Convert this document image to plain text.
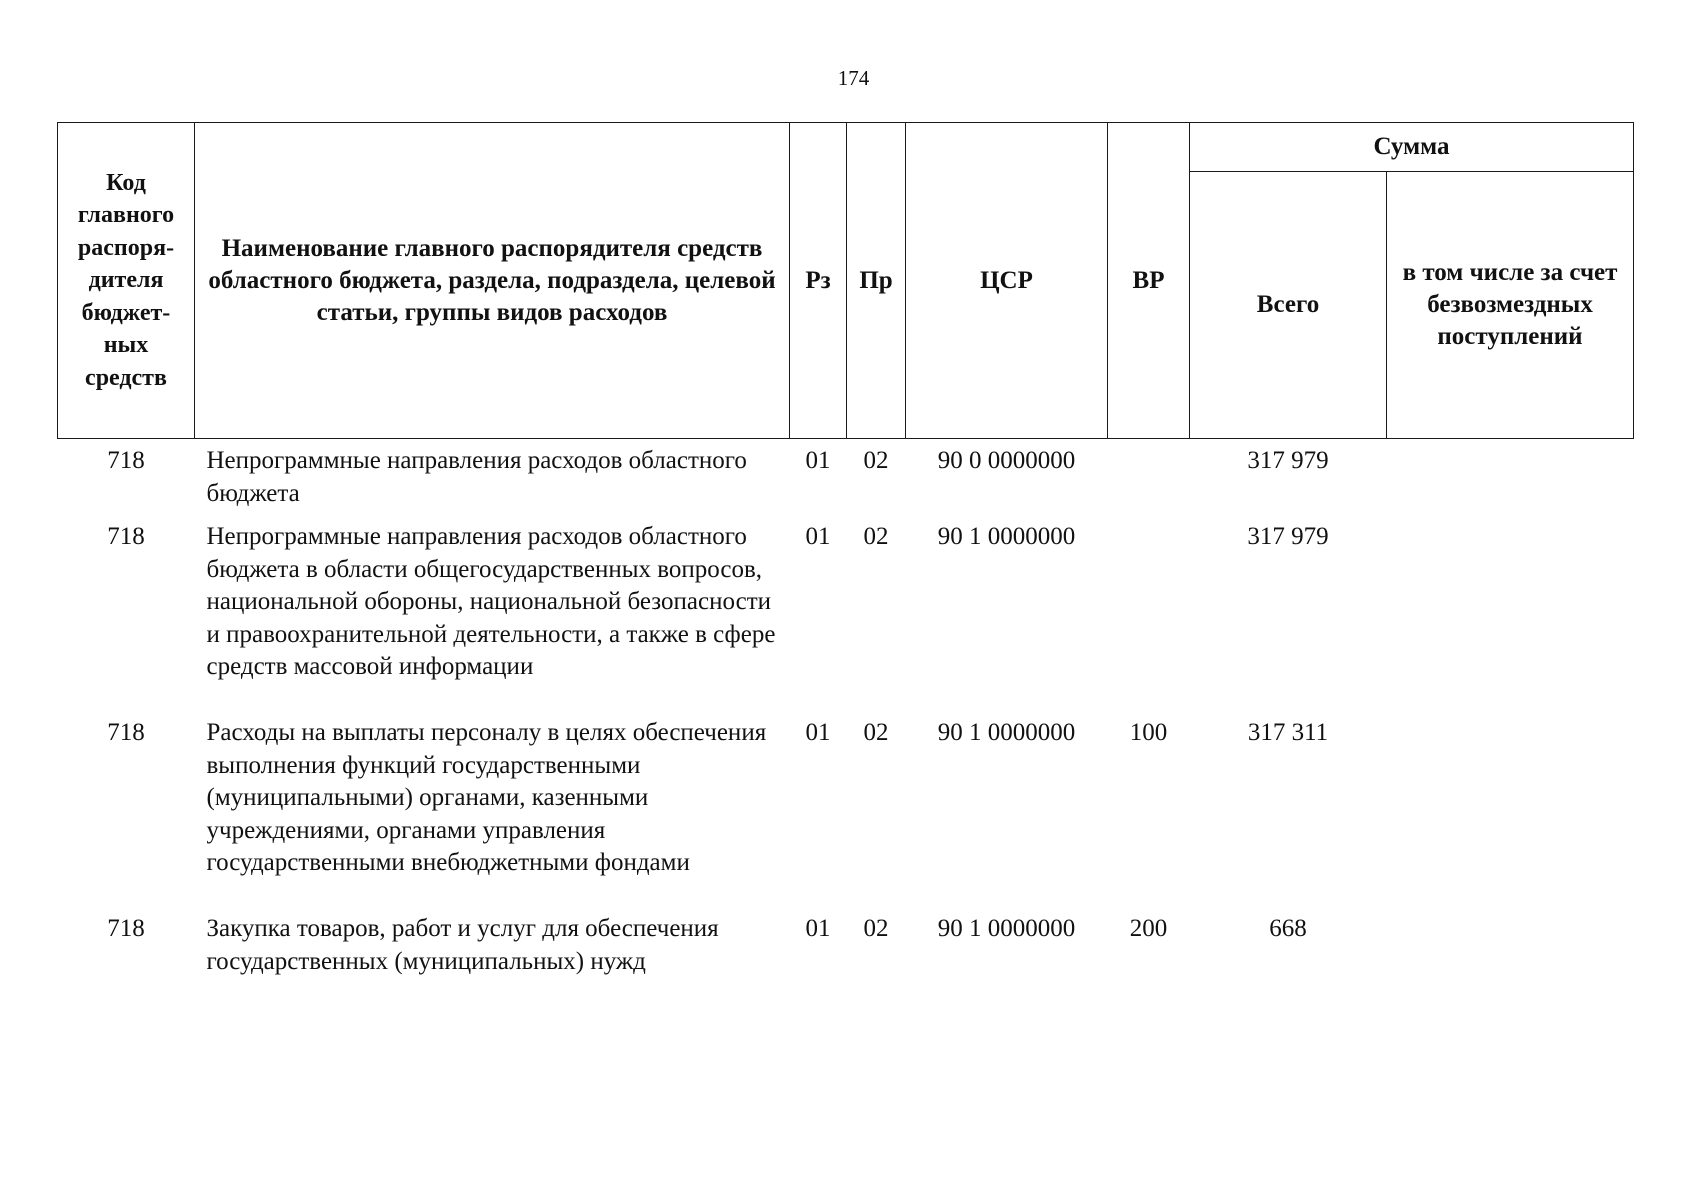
174
Код главного распоря-дителя бюджет-ных средств	Наименование главного распорядителя средств областного бюджета, раздела, подраздела, целевой статьи, группы видов расходов	Рз	Пр	ЦСР	ВР	Сумма	
						Всего	в том числе за счет безвозмездных поступлений
718	Непрограммные направления расходов областного бюджета	01	02	90 0 0000000		317 979	
718	Непрограммные направления расходов областного бюджета в области общегосударственных вопросов, национальной обороны, национальной безопасности и правоохранительной деятельности, а также в сфере средств массовой информации	01	02	90 1 0000000		317 979	
718	Расходы на выплаты персоналу в целях обеспечения выполнения функций государственными (муниципальными) органами, казенными учреждениями, органами управления государственными внебюджетными фондами	01	02	90 1 0000000	100	317 311	
718	Закупка товаров, работ и услуг для обеспечения государственных (муниципальных) нужд	01	02	90 1 0000000	200	668	
